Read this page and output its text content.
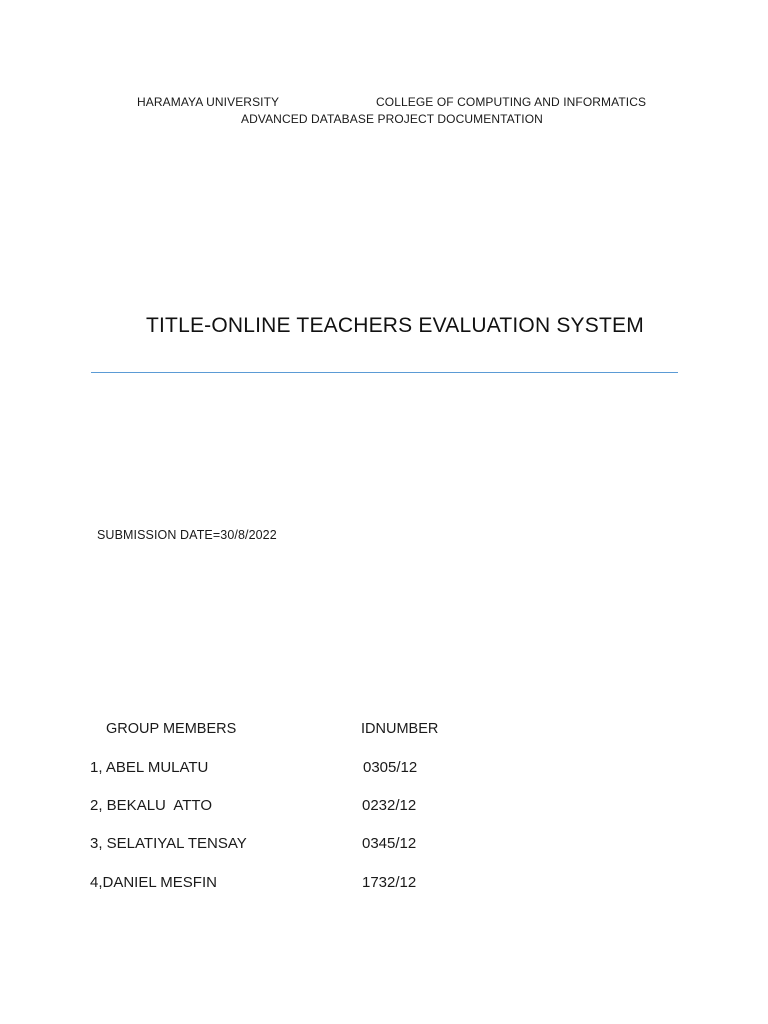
HARAMAYA UNIVERSITY	COLLEGE OF COMPUTING AND INFORMATICS
ADVANCED DATABASE PROJECT DOCUMENTATION
TITLE-ONLINE TEACHERS EVALUATION SYSTEM
SUBMISSION DATE=30/8/2022
GROUP MEMBERS	IDNUMBER
1, ABEL MULATU	0305/12
2, BEKALU  ATTO	0232/12
3, SELATIYAL TENSAY	0345/12
4,DANIEL MESFIN	1732/12
